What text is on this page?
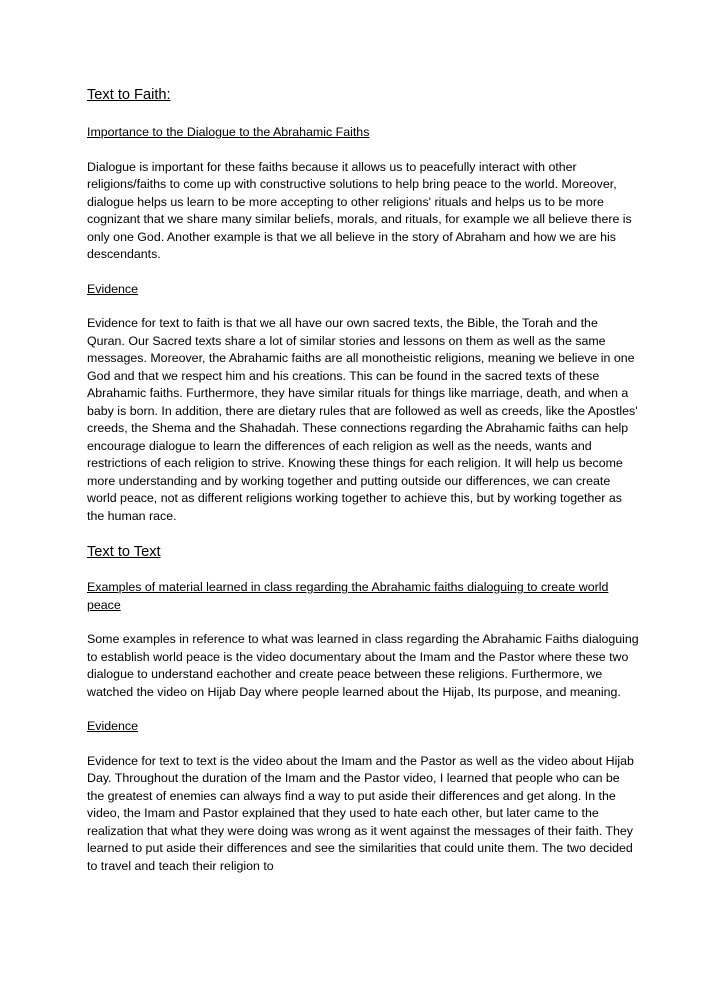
Text to Faith:

Importance to the Dialogue to the Abrahamic Faiths

Dialogue is important for these faiths because it allows us to peacefully interact with other religions/faiths to come up with constructive solutions to help bring peace to the world. Moreover, dialogue helps us learn to be more accepting to other religions' rituals and helps us to be more cognizant that we share many similar beliefs, morals, and rituals, for example we all believe there is only one God. Another example is that we all believe in the story of Abraham and how we are his descendants.

Evidence

Evidence for text to faith is that we all have our own sacred texts, the Bible, the Torah and the Quran. Our Sacred texts share a lot of similar stories and lessons on them as well as the same messages. Moreover, the Abrahamic faiths are all monotheistic religions, meaning we believe in one God and that we respect him and his creations. This can be found in the sacred texts of these Abrahamic faiths. Furthermore, they have similar rituals for things like marriage, death, and when a baby is born. In addition, there are dietary rules that are followed as well as creeds, like the Apostles' creeds, the Shema and the Shahadah. These connections regarding the Abrahamic faiths can help encourage dialogue to learn the differences of each religion as well as the needs, wants and restrictions of each religion to strive. Knowing these things for each religion. It will help us become more understanding and by working together and putting outside our differences, we can create world peace, not as different religions working together to achieve this, but by working together as the human race.

Text to Text

Examples of material learned in class regarding the Abrahamic faiths dialoguing to create world peace

Some examples in reference to what was learned in class regarding the Abrahamic Faiths dialoguing to establish world peace is the video documentary about the Imam and the Pastor where these two dialogue to understand eachother and create peace between these religions. Furthermore, we watched the video on Hijab Day where people learned about the Hijab, Its purpose, and meaning.

Evidence

Evidence for text to text is the video about the Imam and the Pastor as well as the video about Hijab Day. Throughout the duration of the Imam and the Pastor video, I learned that people who can be the greatest of enemies can always find a way to put aside their differences and get along. In the video, the Imam and Pastor explained that they used to hate each other, but later came to the realization that what they were doing was wrong as it went against the messages of their faith. They learned to put aside their differences and see the similarities that could unite them. The two decided to travel and teach their religion to
